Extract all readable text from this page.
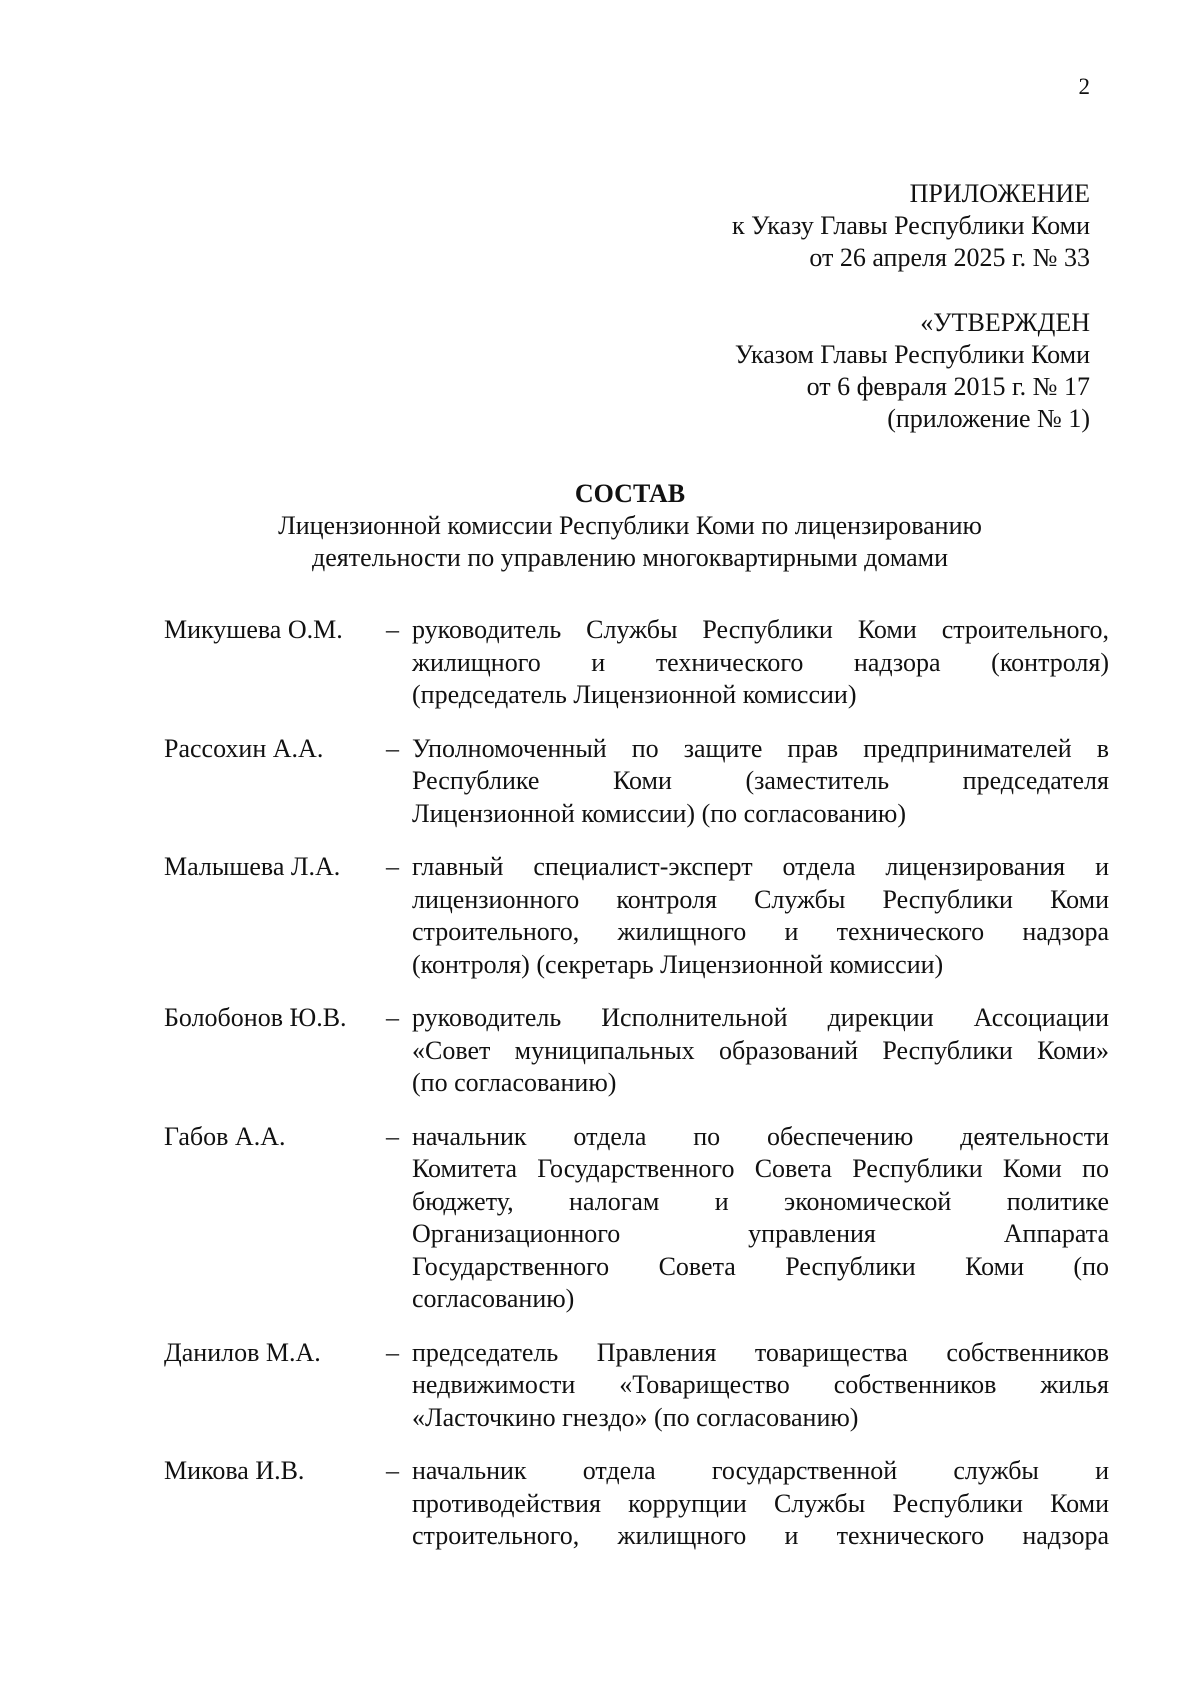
2
ПРИЛОЖЕНИЕ
к Указу Главы Республики Коми
от 26 апреля 2025 г. № 33
«УТВЕРЖДЕН
Указом Главы Республики Коми
от 6 февраля 2015 г. № 17
(приложение № 1)
СОСТАВ
Лицензионной комиссии Республики Коми по лицензированию
деятельности по управлению многоквартирными домами
Микушева О.М.	– руководитель Службы Республики Коми строительного,
жилищного и технического надзора (контроля)
(председатель Лицензионной комиссии)
Рассохин А.А.	– Уполномоченный по защите прав предпринимателей в
Республике Коми (заместитель председателя
Лицензионной комиссии) (по согласованию)
Малышева Л.А.	– главный специалист-эксперт отдела лицензирования и
лицензионного контроля Службы Республики Коми
строительного, жилищного и технического надзора
(контроля) (секретарь Лицензионной комиссии)
Болобонов Ю.В.	– руководитель Исполнительной дирекции Ассоциации
«Совет муниципальных образований Республики Коми»
(по согласованию)
Габов А.А.	– начальник отдела по обеспечению деятельности
Комитета Государственного Совета Республики Коми по
бюджету, налогам и экономической политике
Организационного управления Аппарата
Государственного Совета Республики Коми (по
согласованию)
Данилов М.А.	– председатель Правления товарищества собственников
недвижимости «Товарищество собственников жилья
«Ласточкино гнездо» (по согласованию)
Микова И.В.	– начальник отдела государственной службы и
противодействия коррупции Службы Республики Коми
строительного, жилищного и технического надзора
